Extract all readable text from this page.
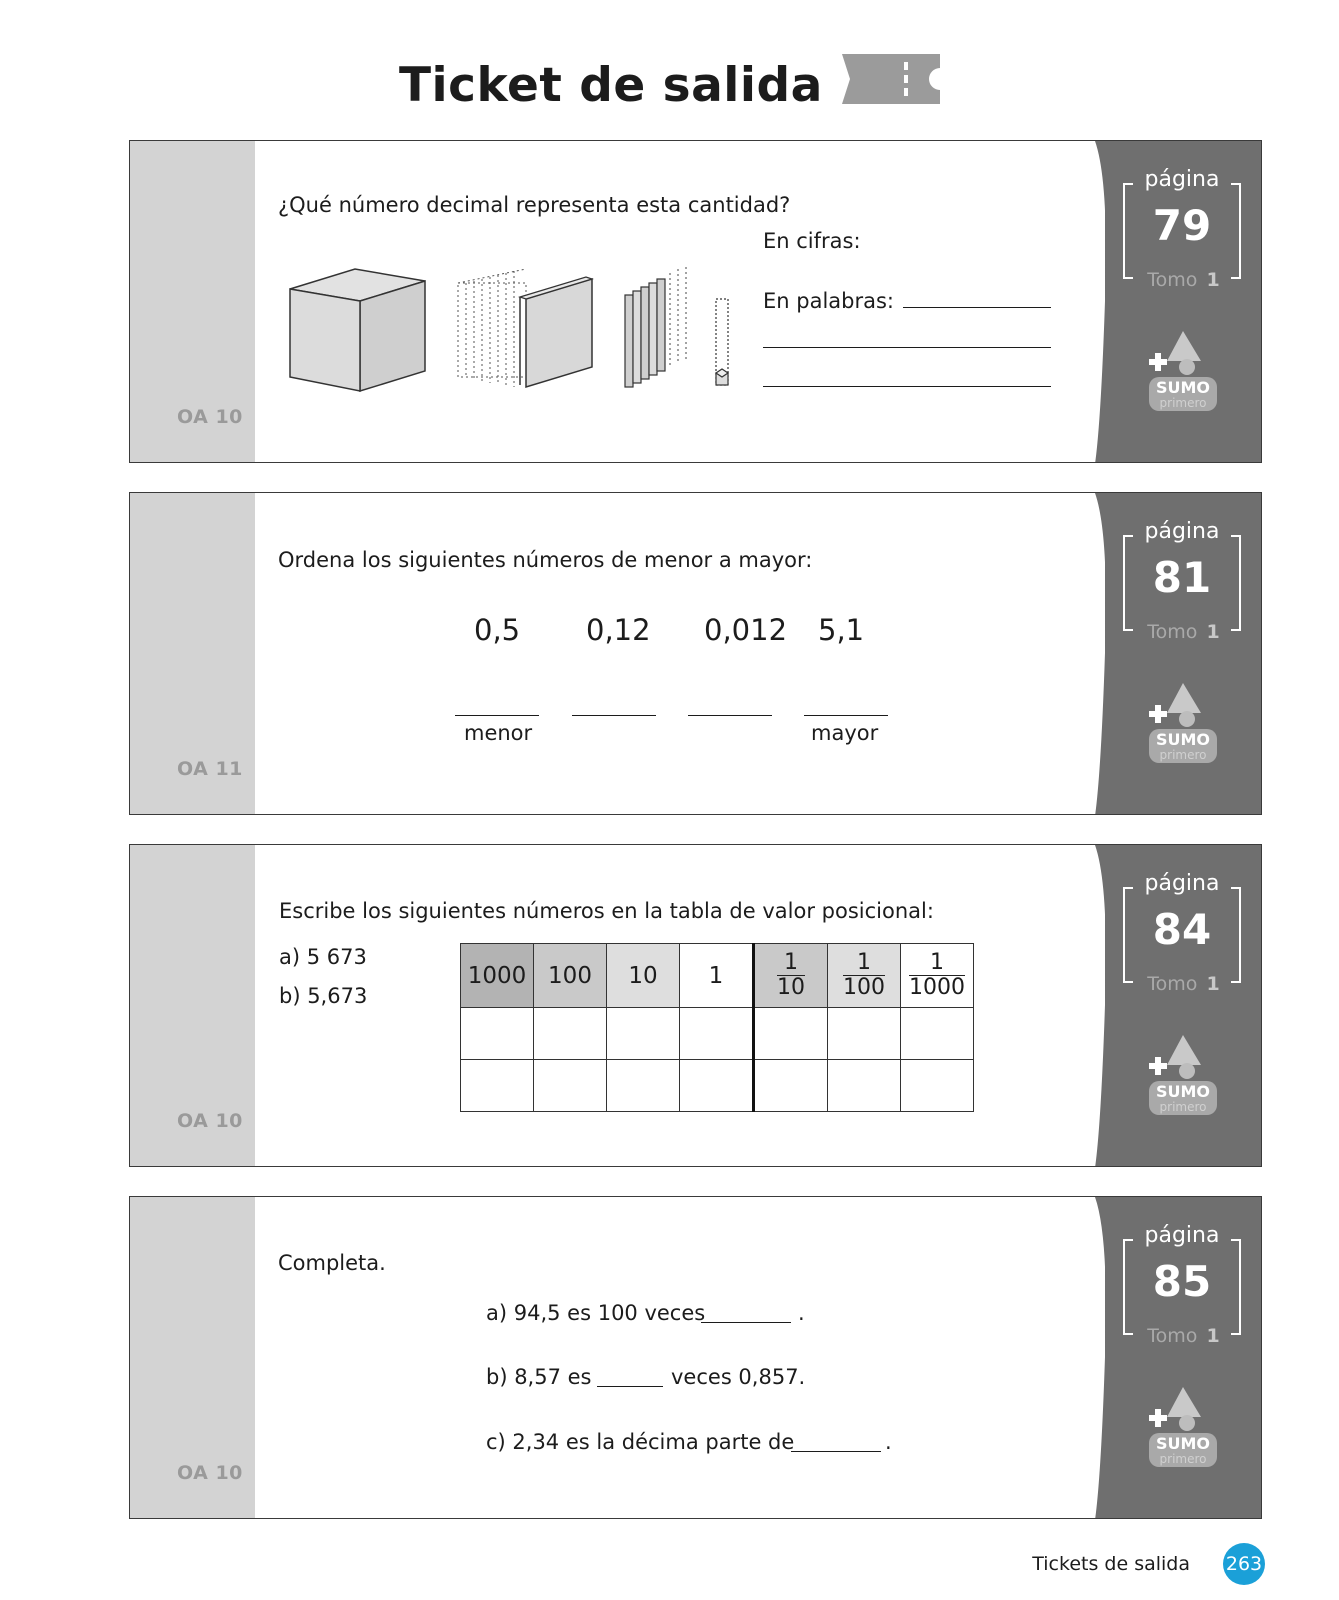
Ticket de salida
OA 10
página
79
Tomo 1
SUMO
primero
¿Qué número decimal representa esta cantidad?
En cifras:
En palabras:
OA 11
página
81
Tomo 1
SUMO
primero
Ordena los siguientes números de menor a mayor:
0,5 0,12 0,012 5,1
menor	mayor
OA 10
página
84
Tomo 1
SUMO
primero
Escribe los siguientes números en la tabla de valor posicional:
a) 5 673
b) 5,673
1000	100	10	1	$\frac{1}{10}$	$\frac{1}{100}$	$\frac{1}{1000}$

OA 10
página
85
Tomo 1
SUMO
primero
Completa.
a) 94,5 es 100 veces	.
b) 8,57 es	veces 0,857.
c) 2,34 es la décima parte de	.
Tickets de salida 263
